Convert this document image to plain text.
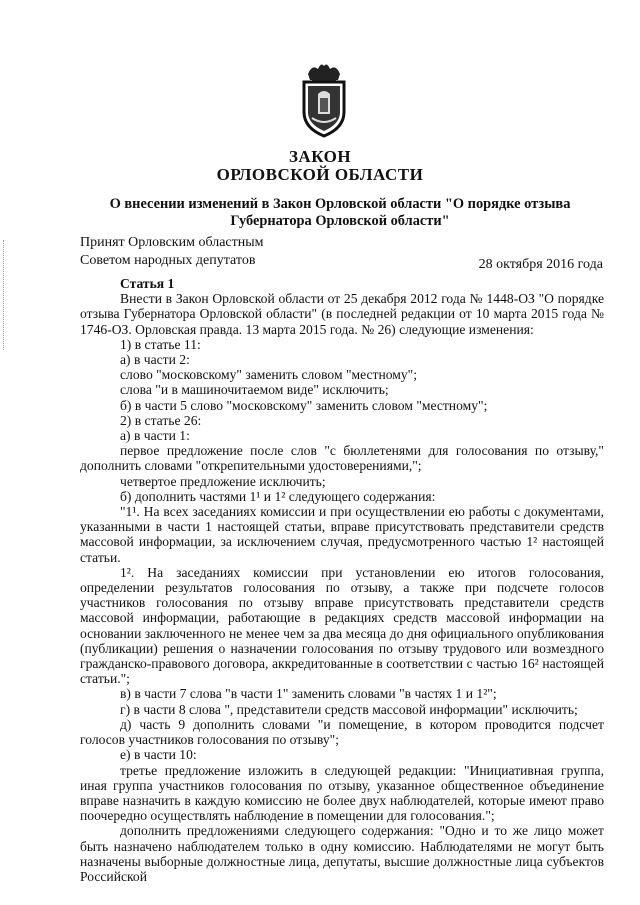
ЗАКОН
ОРЛОВСКОЙ ОБЛАСТИ
О внесении изменений в Закон Орловской области "О порядке отзыва Губернатора Орловской области"
Принят Орловским областным
Советом народных депутатов	28 октября 2016 года

Статья 1

Внести в Закон Орловской области от 25 декабря 2012 года № 1448-ОЗ "О порядке отзыва Губернатора Орловской области" (в последней редакции от 10 марта 2015 года № 1746-ОЗ. Орловская правда. 13 марта 2015 года. № 26) следующие изменения:

1) в статье 11:

а) в части 2:

слово "московскому" заменить словом "местному";

слова "и в машиночитаемом виде" исключить;

б) в части 5 слово "московскому" заменить словом "местному";

2) в статье 26:

а) в части 1:

первое предложение после слов "с бюллетенями для голосования по отзыву," дополнить словами "открепительными удостоверениями,";

четвертое предложение исключить;

б) дополнить частями 1¹ и 1² следующего содержания:

"1¹. На всех заседаниях комиссии и при осуществлении ею работы с документами, указанными в части 1 настоящей статьи, вправе присутствовать представители средств массовой информации, за исключением случая, предусмотренного частью 1² настоящей статьи.

1². На заседаниях комиссии при установлении ею итогов голосования, определении результатов голосования по отзыву, а также при подсчете голосов участников голосования по отзыву вправе присутствовать представители средств массовой информации, работающие в редакциях средств массовой информации на основании заключенного не менее чем за два месяца до дня официального опубликования (публикации) решения о назначении голосования по отзыву трудового или возмездного гражданско-правового договора, аккредитованные в соответствии с частью 16² настоящей статьи.";

в) в части 7 слова "в части 1" заменить словами "в частях 1 и 1²";

г) в части 8 слова ", представители средств массовой информации" исключить;

д) часть 9 дополнить словами "и помещение, в котором проводится подсчет голосов участников голосования по отзыву";

е) в части 10:

третье предложение изложить в следующей редакции: "Инициативная группа, иная группа участников голосования по отзыву, указанное общественное объединение вправе назначить в каждую комиссию не более двух наблюдателей, которые имеют право поочередно осуществлять наблюдение в помещении для голосования.";

дополнить предложениями следующего содержания: "Одно и то же лицо может быть назначено наблюдателем только в одну комиссию. Наблюдателями не могут быть назначены выборные должностные лица, депутаты, высшие должностные лица субъектов Российской
